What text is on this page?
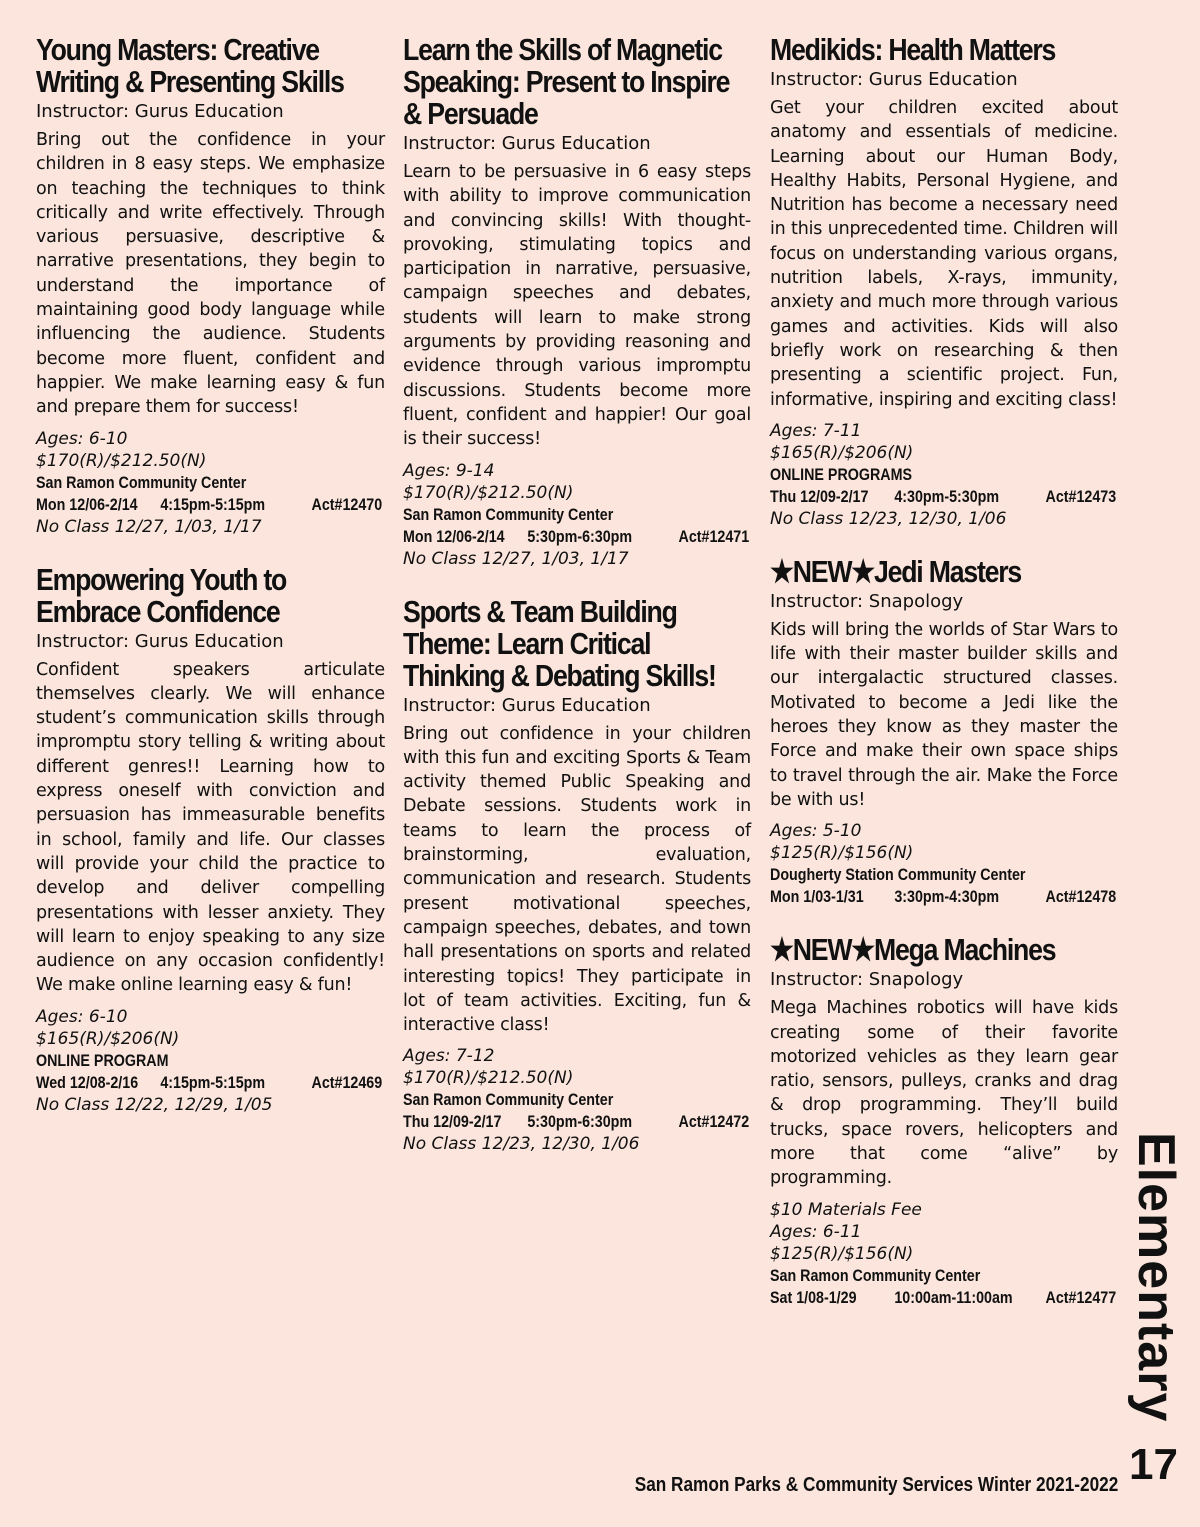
Young Masters: Creative Writing & Presenting Skills
Instructor: Gurus Education
Bring out the confidence in your children in 8 easy steps. We emphasize on teaching the techniques to think critically and write effectively. Through various persuasive, descriptive & narrative presentations, they begin to understand the importance of maintaining good body language while influencing the audience. Students become more fluent, confident and happier. We make learning easy & fun and prepare them for success!
Ages: 6-10
$170(R)/$212.50(N)
San Ramon Community Center
Mon 12/06-2/14	4:15pm-5:15pm	Act#12470
No Class 12/27, 1/03, 1/17
Empowering Youth to Embrace Confidence
Instructor: Gurus Education
Confident speakers articulate themselves clearly. We will enhance student’s communication skills through impromptu story telling & writing about different genres!! Learning how to express oneself with conviction and persuasion has immeasurable benefits in school, family and life. Our classes will provide your child the practice to develop and deliver compelling presentations with lesser anxiety. They will learn to enjoy speaking to any size audience on any occasion confidently! We make online learning easy & fun!
Ages: 6-10
$165(R)/$206(N)
ONLINE PROGRAM
Wed 12/08-2/16	4:15pm-5:15pm	Act#12469
No Class 12/22, 12/29, 1/05
Learn the Skills of Magnetic Speaking: Present to Inspire & Persuade
Instructor: Gurus Education
Learn to be persuasive in 6 easy steps with ability to improve communication and convincing skills! With thought-provoking, stimulating topics and participation in narrative, persuasive, campaign speeches and debates, students will learn to make strong arguments by providing reasoning and evidence through various impromptu discussions. Students become more fluent, confident and happier! Our goal is their success!
Ages: 9-14
$170(R)/$212.50(N)
San Ramon Community Center
Mon 12/06-2/14	5:30pm-6:30pm	Act#12471
No Class 12/27, 1/03, 1/17
Sports & Team Building Theme: Learn Critical Thinking & Debating Skills!
Instructor: Gurus Education
Bring out confidence in your children with this fun and exciting Sports & Team activity themed Public Speaking and Debate sessions. Students work in teams to learn the process of brainstorming, evaluation, communication and research. Students present motivational speeches, campaign speeches, debates, and town hall presentations on sports and related interesting topics! They participate in lot of team activities. Exciting, fun & interactive class!
Ages: 7-12
$170(R)/$212.50(N)
San Ramon Community Center
Thu 12/09-2/17	5:30pm-6:30pm	Act#12472
No Class 12/23, 12/30, 1/06
Medikids: Health Matters
Instructor: Gurus Education
Get your children excited about anatomy and essentials of medicine. Learning about our Human Body, Healthy Habits, Personal Hygiene, and Nutrition has become a necessary need in this unprecedented time. Children will focus on understanding various organs, nutrition labels, X-rays, immunity, anxiety and much more through various games and activities. Kids will also briefly work on researching & then presenting a scientific project. Fun, informative, inspiring and exciting class!
Ages: 7-11
$165(R)/$206(N)
ONLINE PROGRAMS
Thu 12/09-2/17	4:30pm-5:30pm	Act#12473
No Class 12/23, 12/30, 1/06
★NEW★Jedi Masters
Instructor: Snapology
Kids will bring the worlds of Star Wars to life with their master builder skills and our intergalactic structured classes. Motivated to become a Jedi like the heroes they know as they master the Force and make their own space ships to travel through the air. Make the Force be with us!
Ages: 5-10
$125(R)/$156(N)
Dougherty Station Community Center
Mon 1/03-1/31	3:30pm-4:30pm	Act#12478
★NEW★Mega Machines
Instructor: Snapology
Mega Machines robotics will have kids creating some of their favorite motorized vehicles as they learn gear ratio, sensors, pulleys, cranks and drag & drop programming. They’ll build trucks, space rovers, helicopters and more that come “alive” by programming.
$10 Materials Fee
Ages: 6-11
$125(R)/$156(N)
San Ramon Community Center
Sat 1/08-1/29	10:00am-11:00am	Act#12477 Elementary
17
San Ramon Parks & Community Services Winter 2021-2022
